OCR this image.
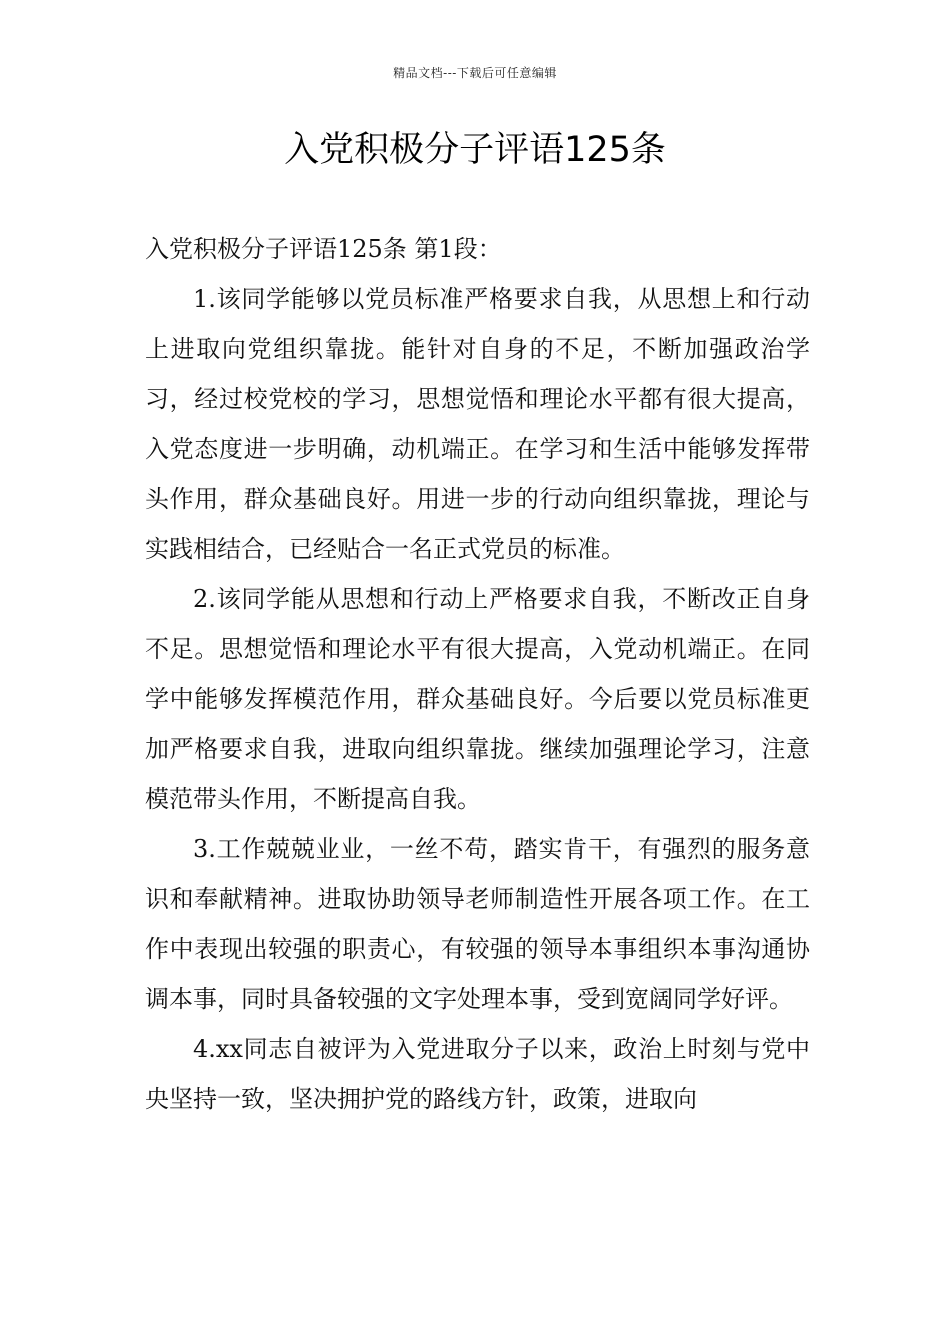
精品文档---下载后可任意编辑
入党积极分子评语125条

入党积极分子评语125条 第1段：

1.该同学能够以党员标准严格要求自我，从思想上和行动上进取向党组织靠拢。能针对自身的不足，不断加强政治学习，经过校党校的学习，思想觉悟和理论水平都有很大提高，入党态度进一步明确，动机端正。在学习和生活中能够发挥带头作用，群众基础良好。用进一步的行动向组织靠拢，理论与实践相结合，已经贴合一名正式党员的标准。

2.该同学能从思想和行动上严格要求自我，不断改正自身不足。思想觉悟和理论水平有很大提高，入党动机端正。在同学中能够发挥模范作用，群众基础良好。今后要以党员标准更加严格要求自我，进取向组织靠拢。继续加强理论学习，注意模范带头作用，不断提高自我。

3.工作兢兢业业，一丝不苟，踏实肯干，有强烈的服务意识和奉献精神。进取协助领导老师制造性开展各项工作。在工作中表现出较强的职责心，有较强的领导本事组织本事沟通协调本事，同时具备较强的文字处理本事，受到宽阔同学好评。

4.xx同志自被评为入党进取分子以来，政治上时刻与党中央坚持一致，坚决拥护党的路线方针，政策，进取向
